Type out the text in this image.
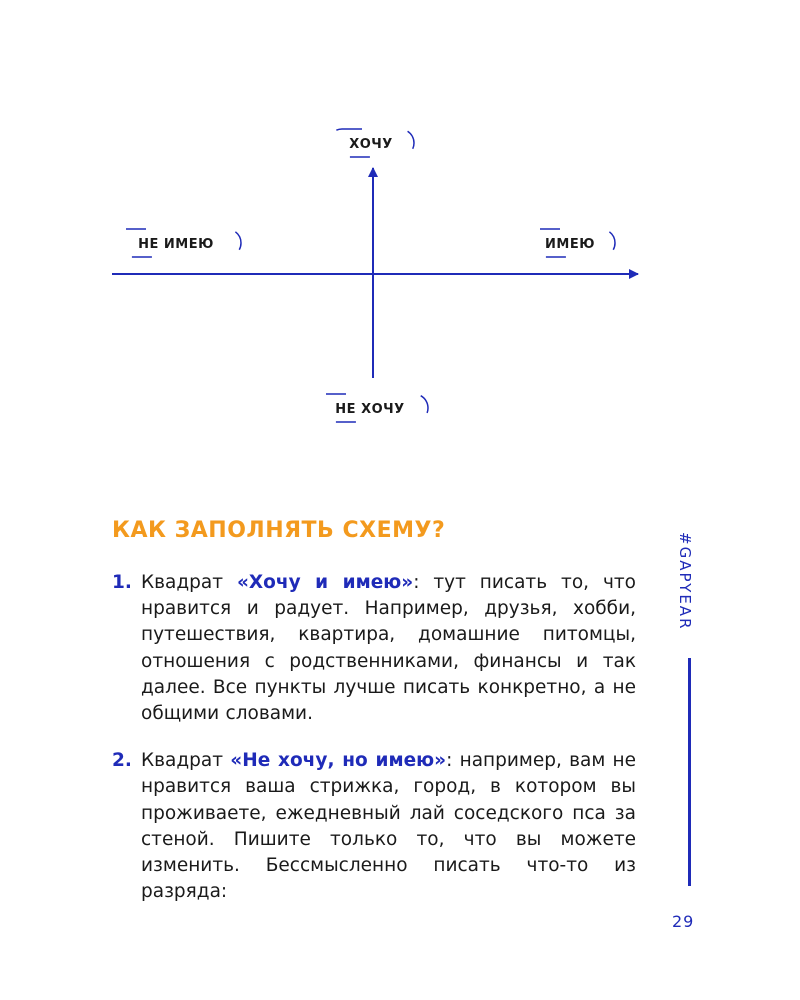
ХОЧУ
НЕ ИМЕЮ	ИМЕЮ
НЕ ХОЧУ
КАК ЗАПОЛНЯТЬ СХЕМУ?
1. Квадрат «Хочу и имею»: тут писать то, что нравится и радует. Например, друзья, хобби, путешествия, квартира, домашние питомцы, отношения с родственниками, финансы и так далее. Все пункты лучше писать конкретно, а не общими словами.

2. Квадрат «Не хочу, но имею»: например, вам не нравится ваша стрижка, город, в котором вы проживаете, ежедневный лай соседского пса за стеной. Пишите только то, что вы можете изменить. Бессмысленно писать что-то из разряда:

#GAPYEAR
29
